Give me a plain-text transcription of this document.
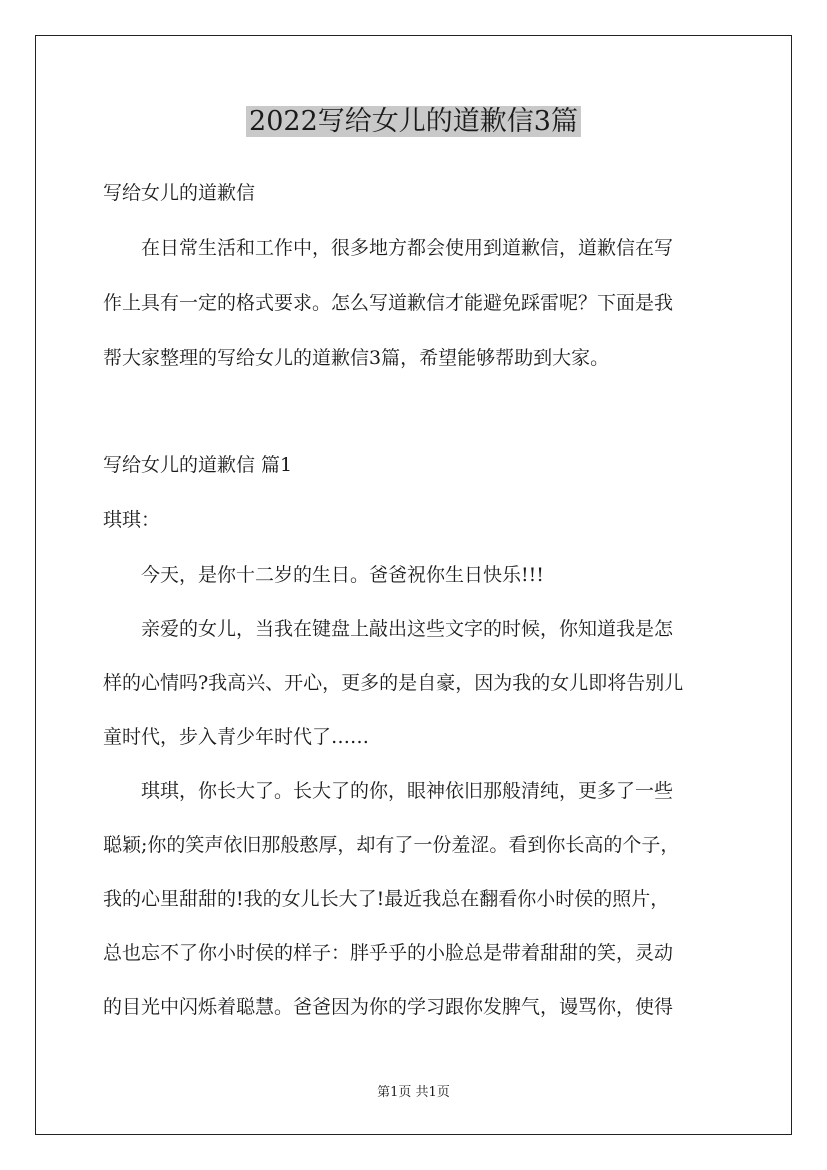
2022写给女儿的道歉信3篇
写给女儿的道歉信
在日常生活和工作中，很多地方都会使用到道歉信，道歉信在写
作上具有一定的格式要求。怎么写道歉信才能避免踩雷呢？下面是我
帮大家整理的写给女儿的道歉信3篇，希望能够帮助到大家。
写给女儿的道歉信 篇1
琪琪：
今天，是你十二岁的生日。爸爸祝你生日快乐!!!
亲爱的女儿，当我在键盘上敲出这些文字的时候，你知道我是怎
样的心情吗?我高兴、开心，更多的是自豪，因为我的女儿即将告别儿
童时代，步入青少年时代了……
琪琪，你长大了。长大了的你，眼神依旧那般清纯，更多了一些
聪颖;你的笑声依旧那般憨厚，却有了一份羞涩。看到你长高的个子，
我的心里甜甜的!我的女儿长大了!最近我总在翻看你小时侯的照片，
总也忘不了你小时侯的样子：胖乎乎的小脸总是带着甜甜的笑，灵动
的目光中闪烁着聪慧。爸爸因为你的学习跟你发脾气，谩骂你，使得
第1页 共1页
